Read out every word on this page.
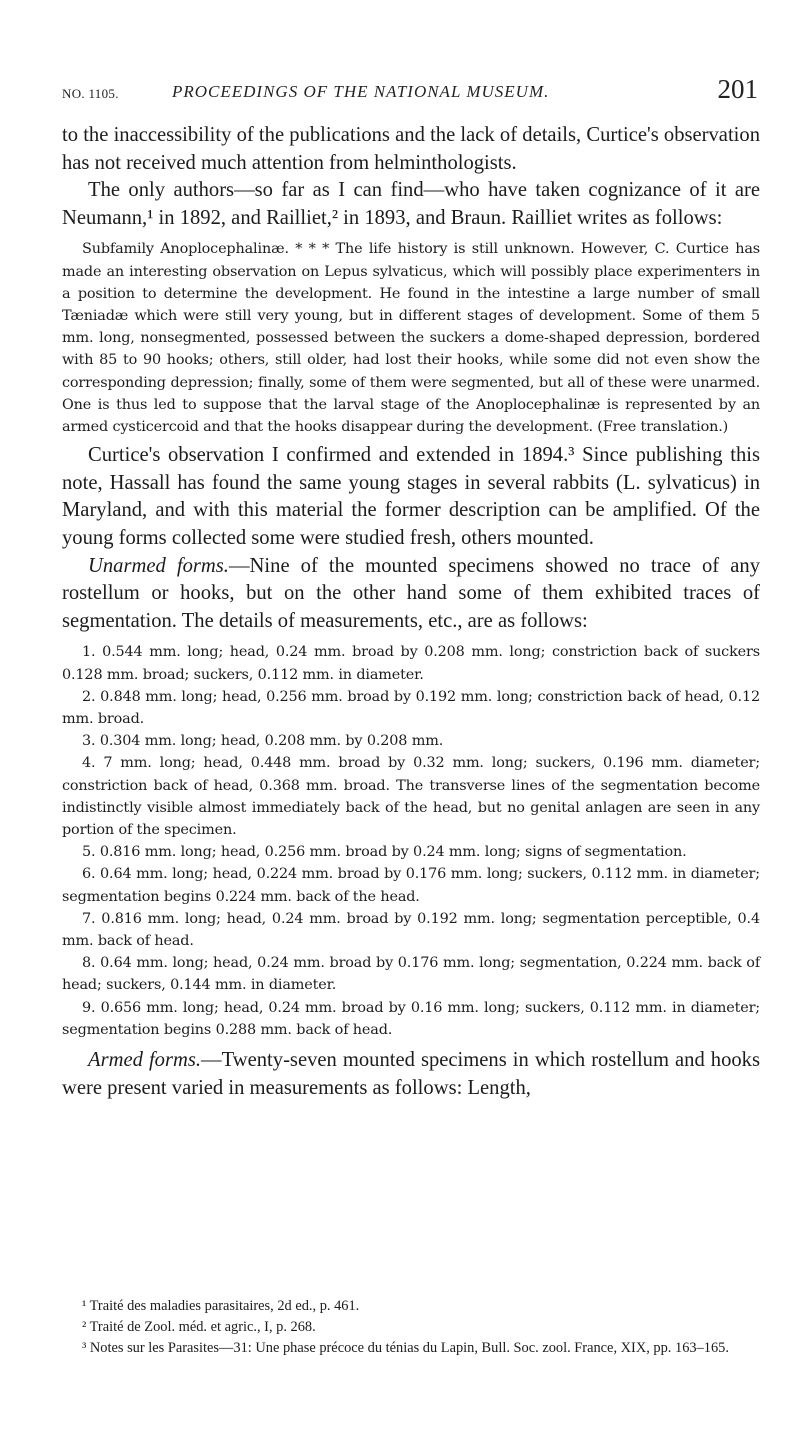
NO. 1105.	PROCEEDINGS OF THE NATIONAL MUSEUM.	201

to the inaccessibility of the publications and the lack of details, Curtice's observation has not received much attention from helminthologists.

The only authors—so far as I can find—who have taken cognizance of it are Neumann,¹ in 1892, and Railliet,² in 1893, and Braun. Railliet writes as follows:

Subfamily Anoplocephalinæ. * * * The life history is still unknown. However, C. Curtice has made an interesting observation on Lepus sylvaticus, which will possibly place experimenters in a position to determine the development. He found in the intestine a large number of small Tæniadæ which were still very young, but in different stages of development. Some of them 5 mm. long, nonsegmented, possessed between the suckers a dome-shaped depression, bordered with 85 to 90 hooks; others, still older, had lost their hooks, while some did not even show the corresponding depression; finally, some of them were segmented, but all of these were unarmed. One is thus led to suppose that the larval stage of the Anoplocephalinæ is represented by an armed cysticercoid and that the hooks disappear during the development. (Free translation.)

Curtice's observation I confirmed and extended in 1894.³ Since publishing this note, Hassall has found the same young stages in several rabbits (L. sylvaticus) in Maryland, and with this material the former description can be amplified. Of the young forms collected some were studied fresh, others mounted.

Unarmed forms.—Nine of the mounted specimens showed no trace of any rostellum or hooks, but on the other hand some of them exhibited traces of segmentation. The details of measurements, etc., are as follows:

1. 0.544 mm. long; head, 0.24 mm. broad by 0.208 mm. long; constriction back of suckers 0.128 mm. broad; suckers, 0.112 mm. in diameter.

2. 0.848 mm. long; head, 0.256 mm. broad by 0.192 mm. long; constriction back of head, 0.12 mm. broad.

3. 0.304 mm. long; head, 0.208 mm. by 0.208 mm.

4. 7 mm. long; head, 0.448 mm. broad by 0.32 mm. long; suckers, 0.196 mm. diameter; constriction back of head, 0.368 mm. broad. The transverse lines of the segmentation become indistinctly visible almost immediately back of the head, but no genital anlagen are seen in any portion of the specimen.

5. 0.816 mm. long; head, 0.256 mm. broad by 0.24 mm. long; signs of segmentation.

6. 0.64 mm. long; head, 0.224 mm. broad by 0.176 mm. long; suckers, 0.112 mm. in diameter; segmentation begins 0.224 mm. back of the head.

7. 0.816 mm. long; head, 0.24 mm. broad by 0.192 mm. long; segmentation perceptible, 0.4 mm. back of head.

8. 0.64 mm. long; head, 0.24 mm. broad by 0.176 mm. long; segmentation, 0.224 mm. back of head; suckers, 0.144 mm. in diameter.

9. 0.656 mm. long; head, 0.24 mm. broad by 0.16 mm. long; suckers, 0.112 mm. in diameter; segmentation begins 0.288 mm. back of head.

Armed forms.—Twenty-seven mounted specimens in which rostellum and hooks were present varied in measurements as follows: Length,

¹ Traité des maladies parasitaires, 2d ed., p. 461.

² Traité de Zool. méd. et agric., I, p. 268.

³ Notes sur les Parasites—31: Une phase précoce du ténias du Lapin, Bull. Soc. zool. France, XIX, pp. 163–165.
